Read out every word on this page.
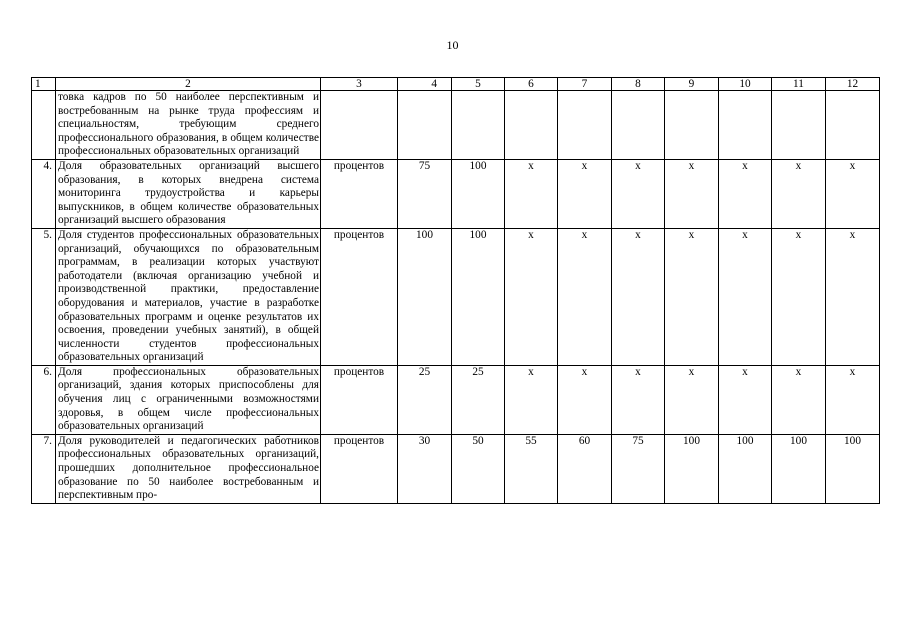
10
1	2	3	4	5	6	7	8	9	10	11	12
	товка кадров по 50 наиболее перспективным и востребованным на рынке труда профессиям и специальностям, требующим среднего профессионального образования, в общем количестве профессиональных образовательных организаций										
4.	Доля образовательных организаций высшего образования, в которых внедрена система мониторинга трудоустройства и карьеры выпускников, в общем количестве образовательных организаций высшего образования	процентов	75	100	х	х	х	х	х	х	х
5.	Доля студентов профессиональных образовательных организаций, обучающихся по образовательным программам, в реализации которых участвуют работодатели (включая организацию учебной и производственной практики, предоставление оборудования и материалов, участие в разработке образовательных программ и оценке результатов их освоения, проведении учебных занятий), в общей численности студентов профессиональных образовательных организаций	процентов	100	100	х	х	х	х	х	х	х
6.	Доля профессиональных образовательных организаций, здания которых приспособлены для обучения лиц с ограниченными возможностями здоровья, в общем числе профессиональных образовательных организаций	процентов	25	25	х	х	х	х	х	х	х
7.	Доля руководителей и педагогических работников профессиональных образовательных организаций, прошедших дополнительное профессиональное образование по 50 наиболее востребованным и перспективным про-	процентов	30	50	55	60	75	100	100	100	100
